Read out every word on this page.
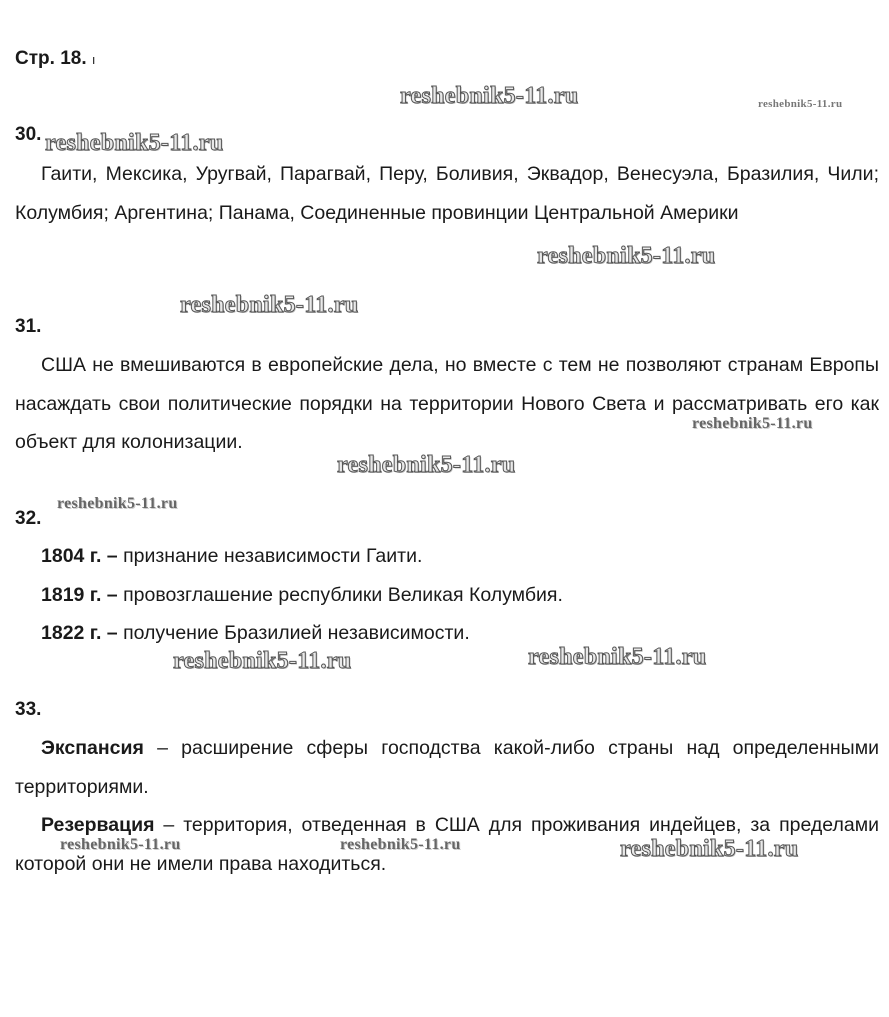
Стр. 18. ı
30.
Гаити, Мексика, Уругвай, Парагвай, Перу, Боливия, Эквадор, Венесуэла, Бразилия, Чили; Колумбия; Аргентина; Панама, Соединенные провинции Центральной Америки
31.
США не вмешиваются в европейские дела, но вместе с тем не позволяют странам Европы насаждать свои политические порядки на территории Нового Света и рассматривать его как объект для колонизации.
32.
1804 г. – признание независимости Гаити.
1819 г. – провозглашение республики Великая Колумбия.
1822 г. – получение Бразилией независимости.
33.
Экспансия – расширение сферы господства какой-либо страны над определенными территориями.
Резервация – территория, отведенная в США для проживания индейцев, за пределами которой они не имели права находиться.
reshebnik5-11.ru	reshebnik5-11.ru
reshebnik5-11.ru
reshebnik5-11.ru
reshebnik5-11.ru
reshebnik5-11.ru
reshebnik5-11.ru
reshebnik5-11.ru
reshebnik5-11.ru	reshebnik5-11.ru
reshebnik5-11.ru	reshebnik5-11.ru	reshebnik5-11.ru
